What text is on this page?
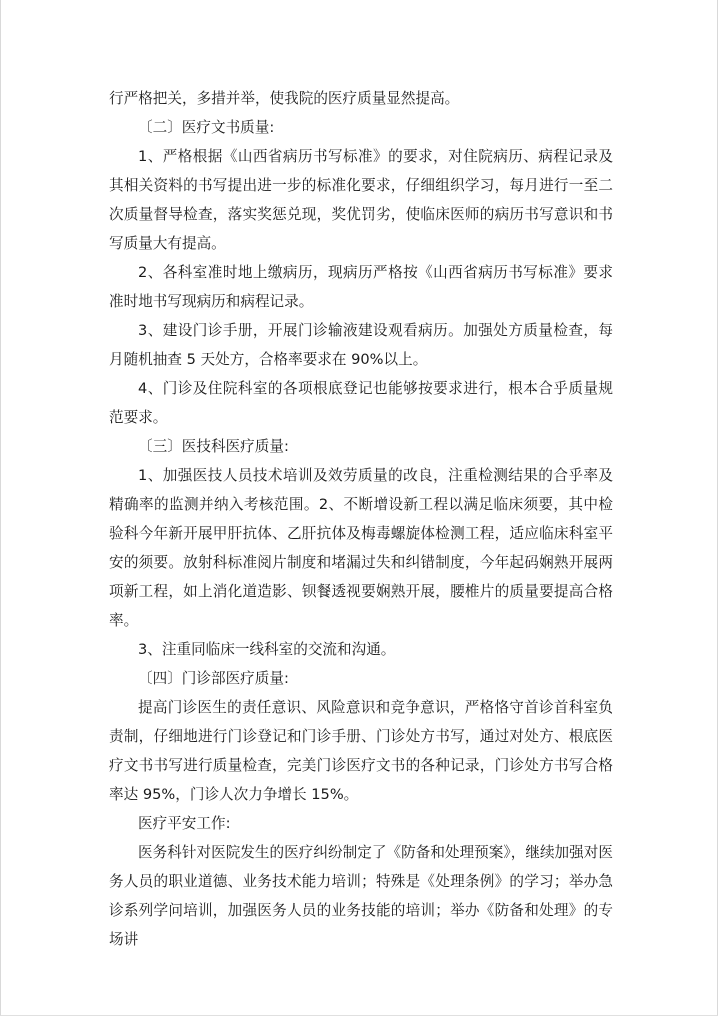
行严格把关，多措并举，使我院的医疗质量显然提高。

〔二〕医疗文书质量:

1、严格根据《山西省病历书写标准》的要求，对住院病历、病程记录及其相关资料的书写提出进一步的标准化要求，仔细组织学习，每月进行一至二次质量督导检查，落实奖惩兑现，奖优罚劣，使临床医师的病历书写意识和书写质量大有提高。

2、各科室准时地上缴病历，现病历严格按《山西省病历书写标准》要求准时地书写现病历和病程记录。

3、建设门诊手册，开展门诊输液建设观看病历。加强处方质量检查，每月随机抽查 5 天处方，合格率要求在 90%以上。

4、门诊及住院科室的各项根底登记也能够按要求进行，根本合乎质量规范要求。

〔三〕医技科医疗质量:

1、加强医技人员技术培训及效劳质量的改良，注重检测结果的合乎率及精确率的监测并纳入考核范围。2、不断增设新工程以满足临床须要，其中检验科今年新开展甲肝抗体、乙肝抗体及梅毒螺旋体检测工程，适应临床科室平安的须要。放射科标准阅片制度和堵漏过失和纠错制度，今年起码娴熟开展两项新工程，如上消化道造影、钡餐透视要娴熟开展，腰椎片的质量要提高合格率。

3、注重同临床一线科室的交流和沟通。

〔四〕门诊部医疗质量:

提高门诊医生的责任意识、风险意识和竞争意识，严格恪守首诊首科室负责制，仔细地进行门诊登记和门诊手册、门诊处方书写，通过对处方、根底医疗文书书写进行质量检查，完美门诊医疗文书的各种记录，门诊处方书写合格率达 95%，门诊人次力争增长 15%。

医疗平安工作:

医务科针对医院发生的医疗纠纷制定了《防备和处理预案》，继续加强对医务人员的职业道德、业务技术能力培训；特殊是《处理条例》的学习；举办急诊系列学问培训，加强医务人员的业务技能的培训；举办《防备和处理》的专场讲
